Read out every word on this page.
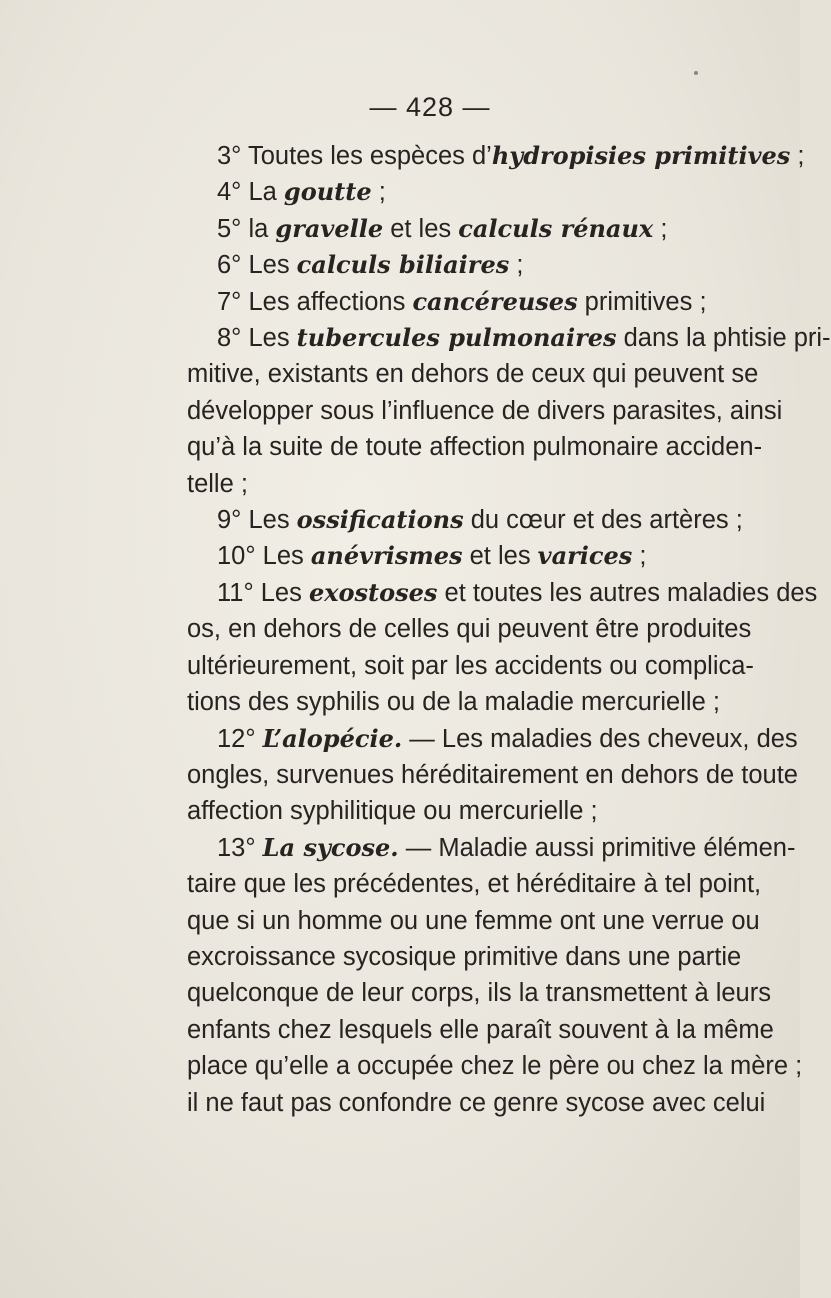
— 428 —
3° Toutes les espèces d’hydropisies primitives ;
4° La goutte ;
5° la gravelle et les calculs rénaux ;
6° Les calculs biliaires ;
7° Les affections cancéreuses primitives ;
8° Les tubercules pulmonaires dans la phtisie pri-
mitive, existants en dehors de ceux qui peuvent se
développer sous l’influence de divers parasites, ainsi
qu’à la suite de toute affection pulmonaire acciden-
telle ;
9° Les ossifications du cœur et des artères ;
10° Les anévrismes et les varices ;
11° Les exostoses et toutes les autres maladies des
os, en dehors de celles qui peuvent être produites
ultérieurement, soit par les accidents ou complica-
tions des syphilis ou de la maladie mercurielle ;
12° L’alopécie. — Les maladies des cheveux, des
ongles, survenues héréditairement en dehors de toute
affection syphilitique ou mercurielle ;
13° La sycose. — Maladie aussi primitive élémen-
taire que les précédentes, et héréditaire à tel point,
que si un homme ou une femme ont une verrue ou
excroissance sycosique primitive dans une partie
quelconque de leur corps, ils la transmettent à leurs
enfants chez lesquels elle paraît souvent à la même
place qu’elle a occupée chez le père ou chez la mère ;
il ne faut pas confondre ce genre sycose avec celui
